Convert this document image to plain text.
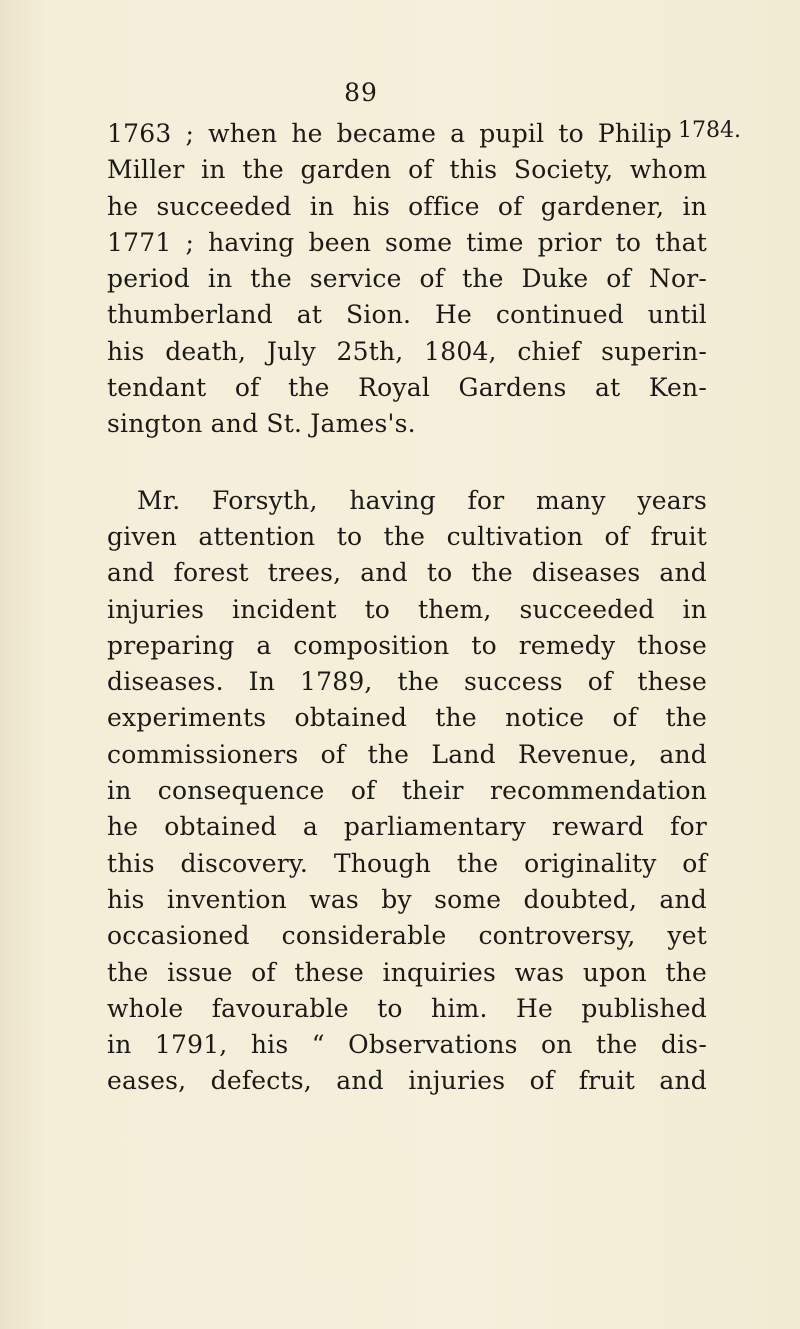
89
1784.
1763 ; when he became a pupil to Philip
Miller in the garden of this Society, whom
he succeeded in his office of gardener, in
1771 ; having been some time prior to that
period in the service of the Duke of Nor-
thumberland at Sion. He continued until
his death, July 25th, 1804, chief superin-
tendant of the Royal Gardens at Ken-
sington and St. James's.
Mr. Forsyth, having for many years
given attention to the cultivation of fruit
and forest trees, and to the diseases and
injuries incident to them, succeeded in
preparing a composition to remedy those
diseases. In 1789, the success of these
experiments obtained the notice of the
commissioners of the Land Revenue, and
in consequence of their recommendation
he obtained a parliamentary reward for
this discovery. Though the originality of
his invention was by some doubted, and
occasioned considerable controversy, yet
the issue of these inquiries was upon the
whole favourable to him. He published
in 1791, his “ Observations on the dis-
eases, defects, and injuries of fruit and
